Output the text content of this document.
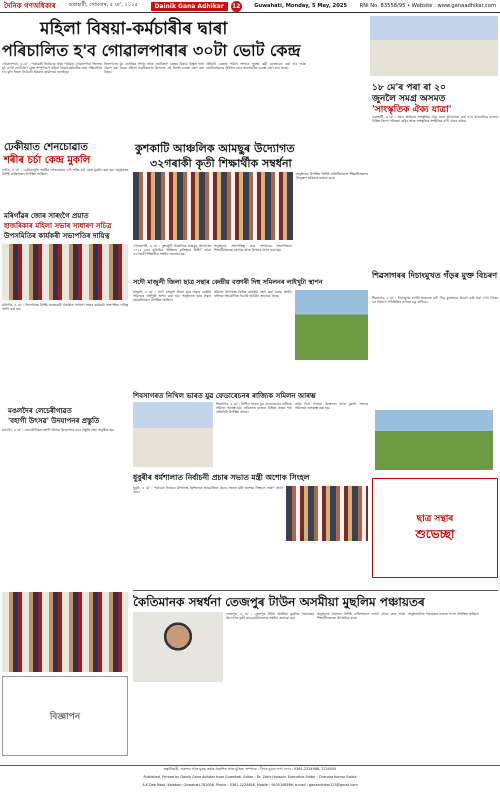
দৈনিক গণঅধিকাৰ গুৱাহাটী, সোমবাৰ, ৫ মে', ২০২৫	Dainik Gana Adhikar 12	Guwahati, Monday, 5 May, 2025 RNI No. 83558/95 • Website : www.ganaadhikar.com
মহিলা বিষয়া-কৰ্মচাৰীৰ দ্বাৰা
পৰিচালিত হ'ব গোৱালপাৰাৰ ৩০টা ভোট কেন্দ্ৰ
গোৱালপাৰা, ৪ মে' : পঞ্চায়তী নিৰ্বাচনৰ প্ৰথম পৰ্যায়ত গোৱালপাৰা জিলাত মুঠ ৩০টা ভোটগ্ৰহণ কেন্দ্ৰ সম্পূৰ্ণৰূপে মহিলা বিষয়া-কৰ্মচাৰীৰ দ্বাৰা পৰিচালিত হ'ব বুলি জিলা নিৰ্বাচনী বিষয়াৰ কাৰ্যালয়ে জনাইছে।
জিলাখনত মুঠ ভোটাৰৰ সংখ্যা আৰু ভোটগ্ৰহণ কেন্দ্ৰৰ বিষয়ে বিস্তৃত তথ্য প্ৰকাশ কৰা হৈছে। মহিলা সবলীকৰণৰ উদ্দেশ্যে এই বিশেষ ব্যৱস্থা গ্ৰহণ কৰা হৈছে।
প্ৰতিটো কেন্দ্ৰত পৰ্যাপ্ত সংখ্যক সুৰক্ষা কৰ্মী মোতায়েন কৰা হ'ব আৰু ভোটাৰসকলৰ সুবিধাৰ বাবে প্ৰয়োজনীয় ব্যৱস্থা গ্ৰহণ কৰা হৈছে।
১৮ মে'ৰ পৰা ৰা ২০
জুনলৈ সমগ্ৰ অসমত
'সাংস্কৃতিক ঐক্য যাত্ৰা'
গুৱাহাটী, ৪ মে' : সমগ্ৰ অসমতে সাংস্কৃতিক ঐক্য যাত্ৰা আয়োজন কৰা হ'ব। যাত্ৰাটোৱে ৰাজ্যৰ বিভিন্ন জিলা পৰিক্ৰমা কৰিব আৰু সাংস্কৃতিক সম্প্ৰীতিৰ বাণী প্ৰচাৰ কৰিব।
ঢেকীয়াত শেনচোৱাত
শৰীৰ চৰ্চা কেন্দ্ৰ মুকলি
নগাঁও, ৪ মে' : ঢেকীয়াজুলি সমষ্টিৰ শেনচোৱাত এটা শৰীৰ চৰ্চা কেন্দ্ৰ মুকলি কৰা হয়। অনুষ্ঠানত বিশিষ্ট ব্যক্তিসকল উপস্থিত আছিল।
কুশকাটি আঞ্চলিক আমছুৰ উদ্যোগত
৩২গৰাকী কৃতী শিক্ষাৰ্থীক সম্বৰ্ধনা
গোলকগঞ্জ, ৪ মে' : কুশকাটি আঞ্চলিক আমছুৰ উদ্যোগত ২০২৫ চনৰ মাধ্যমিক পৰীক্ষাত কৃতিত্বৰে উত্তীৰ্ণ হোৱা ৩২গৰাকী শিক্ষাৰ্থীক সম্বৰ্ধনা জনোৱা হয়।
অনুষ্ঠানত সভাপতিত্ব কৰে সংগঠনৰ সভাপতিয়ে। শিক্ষাৰ্থীসকলক মানপত্ৰ আৰু উপহাৰ প্ৰদান কৰা হয়।
অনুষ্ঠানত উপস্থিত বিশিষ্ট অতিথিসকলে শিক্ষাৰ্থীসকলৰ উজ্জ্বল ভৱিষ্যত কামনা কৰে।
মৰিগাঁৱৰ জোৰ সাৰংগৈ প্ৰয়াত
হাজৰিকাৰ মহিলা সভাৰ সাধাৰণ সচিত্ৰ
উপসমিতিৰ কাৰ্যকৰী সভাপতিৰ দায়িত্ব
মৰিগাঁও, ৪ মে' : জিলাখনৰ বিশিষ্ট সমাজকৰ্মী গৰাকীক সাধাৰণ সভাৰ কাৰ্যকৰী সভাপতিৰ দায়িত্ব অৰ্পণ কৰা হয়।
সদৌ মাজুলী জিলা ছাত্ৰ সন্থাৰ কেন্দ্ৰীয় বক্তাৰী দিহু সমিলনৰ লাইখুটা স্থাপন
মাজুলী, ৪ মে' : সদৌ মাজুলী জিলা ছাত্ৰ সন্থাৰ কেন্দ্ৰীয় সমিলনৰ লাইখুটা স্থাপন কৰা হয়। অনুষ্ঠানত ছাত্ৰ সন্থাৰ কৰ্মকৰ্তাসকল উপস্থিত আছিল।
সমিলন উপলক্ষে বিভিন্ন কাৰ্যসূচী গ্ৰহণ কৰা হৈছে। স্থানীয় ৰাইজৰ সহযোগিতা বিচাৰি আহ্বান জনোৱা হৈছে।
শিৱসাগৰৰ দিচাংমুখত গঁড়ৰ মুক্ত বিচৰণ
শিৱসাগৰ, ৪ মে' : দিচাংমুখৰ চাপৰি অঞ্চলত এটা গঁড়ে মুক্তভাৱে বিচৰণ কৰি থকা দেখা গৈছে। বন বিভাগে পৰিস্থিতিৰ ওপৰত চকু ৰাখিছে।
শিবসাগৰত নিখিল ভাৰত যুৱ ফেডাৰেচনৰ ৰাজ্যিক সমিলন আৰম্ভ
শিৱসাগৰ, ৪ মে' : নিখিল ভাৰত যুৱ ফেডাৰেচনৰ ৰাজ্যিক সমিলন আৰম্ভ হয়। সমিলনত ৰাজ্যৰ বিভিন্ন প্ৰান্তৰ পৰা প্ৰতিনিধি উপস্থিত আছে।
প্ৰথম দিনা পতাকা উত্তোলন আৰু মুকলি সভাৰে সমিলনৰ শুভাৰম্ভ কৰা হয়।
মঙলদৈৰ লেচেৰীগাৱত
'বহাগী উৎসৱ' উদযাপনৰ প্ৰস্তুতি
মঙলদৈ, ৪ মে' : লেচেৰীগাঁৱত বহাগী উৎসৱ উদযাপনৰ বাবে প্ৰস্তুতি সভা অনুষ্ঠিত হয়।
ধুবুৰীৰ ধৰ্মশালাত নিৰ্বাচনী প্ৰচাৰ সভাত মন্ত্ৰী অশোক সিংহল
ধুবুৰী, ৪ মে' : পঞ্চায়ত নিৰ্বাচন উপলক্ষে ধৰ্মশালাত আয়োজিত প্ৰচাৰ সভাত মন্ত্ৰী অশোক সিংহলে ভাষণ প্ৰদান কৰে।
ছাত্ৰ সন্থাৰ
শুভেচ্ছা
কৈতিমানক সম্বৰ্ধনা তেজপুৰ টাউন অসমীয়া মুছলিম পঞ্চায়তৰ
তেজপুৰ, ৪ মে' : তেজপুৰ টাউন অসমীয়া মুছলিম পঞ্চায়তৰ উদ্যোগত কৃতী ছাত্ৰ-ছাত্ৰীসকলক সম্বৰ্ধনা জনোৱা হয়।
অনুষ্ঠানত সমাজৰ বিশিষ্ট ব্যক্তিসকলে ভাষণ প্ৰদান কৰে আৰু শিক্ষাৰ্থীসকলক উৎসাহিত কৰে।
অনুষ্ঠানটোত পঞ্চায়তৰ সকলো সদস্য উপস্থিত আছিল।
বিজ্ঞাপন
স্বত্বাধিকাৰী, প্ৰকাশক আৰু মুদ্ৰক কৰ্তৃক প্ৰকাশিত আৰু মুদ্ৰিত। সম্পাদক : দীপক কুমাৰ দাস। ফোন : 0361-2224988, 2224555
Published, Printed by Dainik Gana Adhikar from Guwahati. Editor : Dr. Zakir Hussain, Executive Editor : Chandra Kumar Saikia
A.K.Deb Road, Kalabari, Guwahati-781008, Phone : 0361-2224488, Mobile : 9435108566, e-mail : ganaadhikar123@gmail.com
